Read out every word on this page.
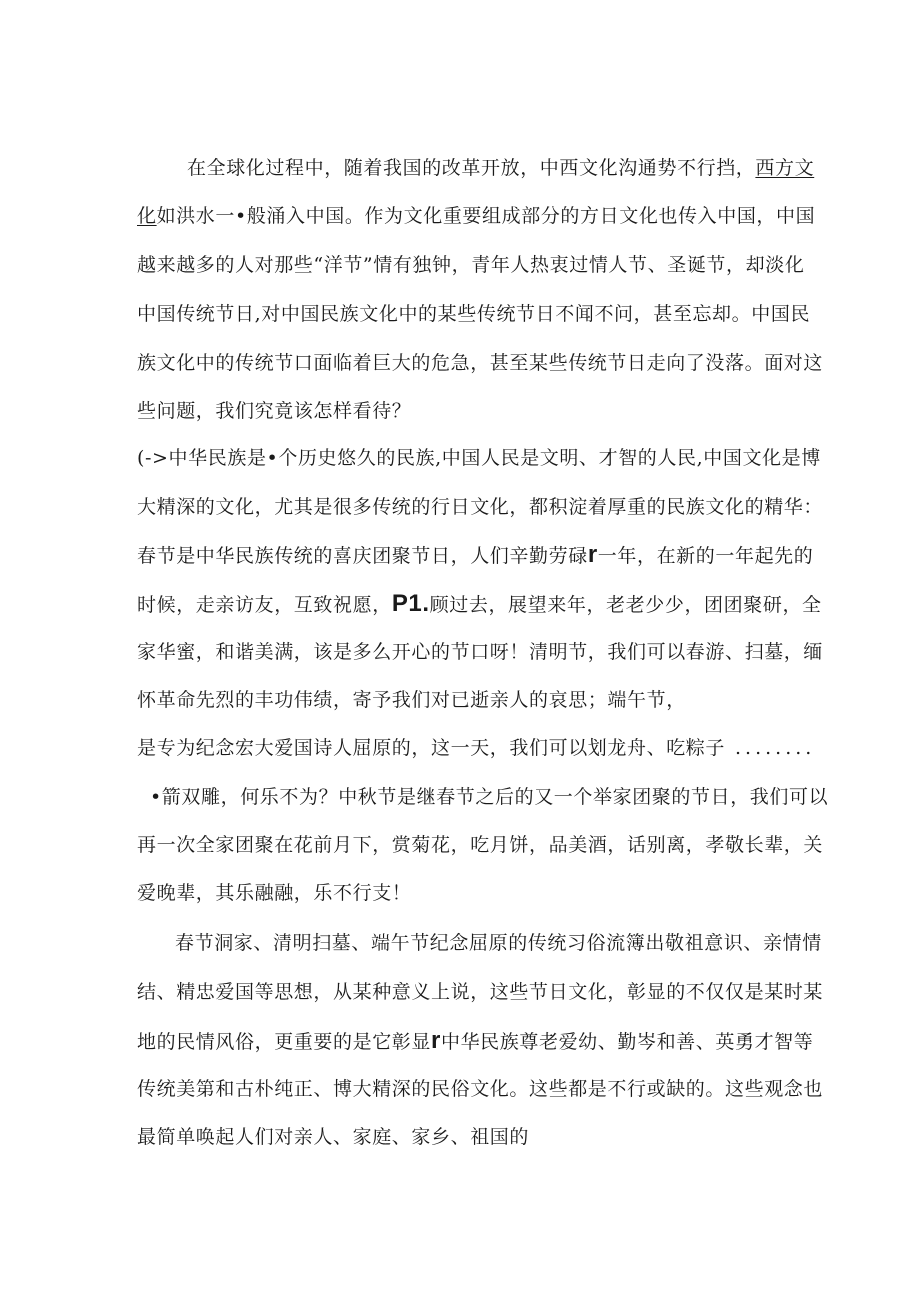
在全球化过程中，随着我国的改革开放，中西文化沟通势不行挡，西方文
化如洪水一•般涌入中国。作为文化重要组成部分的方日文化也传入中国，中国
越来越多的人对那些“洋节”情有独钟，青年人热衷过情人节、圣诞节，却淡化
中国传统节日,对中国民族文化中的某些传统节日不闻不问，甚至忘却。中国民
族文化中的传统节口面临着巨大的危急，甚至某些传统节日走向了没落。面对这
些问题，我们究竟该怎样看待？
(->中华民族是•个历史悠久的民族,中国人民是文明、才智的人民,中国文化是博
大精深的文化，尤其是很多传统的行日文化，都积淀着厚重的民族文化的精华：
春节是中华民族传统的喜庆团聚节日，人们辛勤劳碌r一年，在新的一年起先的
时候，走亲访友，互致祝愿，P1.顾过去，展望来年，老老少少，团团聚研，全
家华蜜，和谐美满，该是多么开心的节口呀！清明节，我们可以春游、扫墓，缅
怀革命先烈的丰功伟绩，寄予我们对已逝亲人的哀思；端午节，
是专为纪念宏大爱国诗人屈原的，这一天，我们可以划龙舟、吃粽子 ........
•箭双雕，何乐不为？中秋节是继春节之后的又一个举家团聚的节日，我们可以
再一次全家团聚在花前月下，赏菊花，吃月饼，品美酒，话别离，孝敬长辈，关
爱晚辈，其乐融融，乐不行支！
春节洞家、清明扫墓、端午节纪念屈原的传统习俗流簿出敬祖意识、亲情情
结、精忠爱国等思想，从某种意义上说，这些节日文化，彰显的不仅仅是某时某
地的民情风俗，更重要的是它彰显r中华民族尊老爱幼、勤岑和善、英勇才智等
传统美第和古朴纯正、博大精深的民俗文化。这些都是不行或缺的。这些观念也
最简单唤起人们对亲人、家庭、家乡、祖国的
